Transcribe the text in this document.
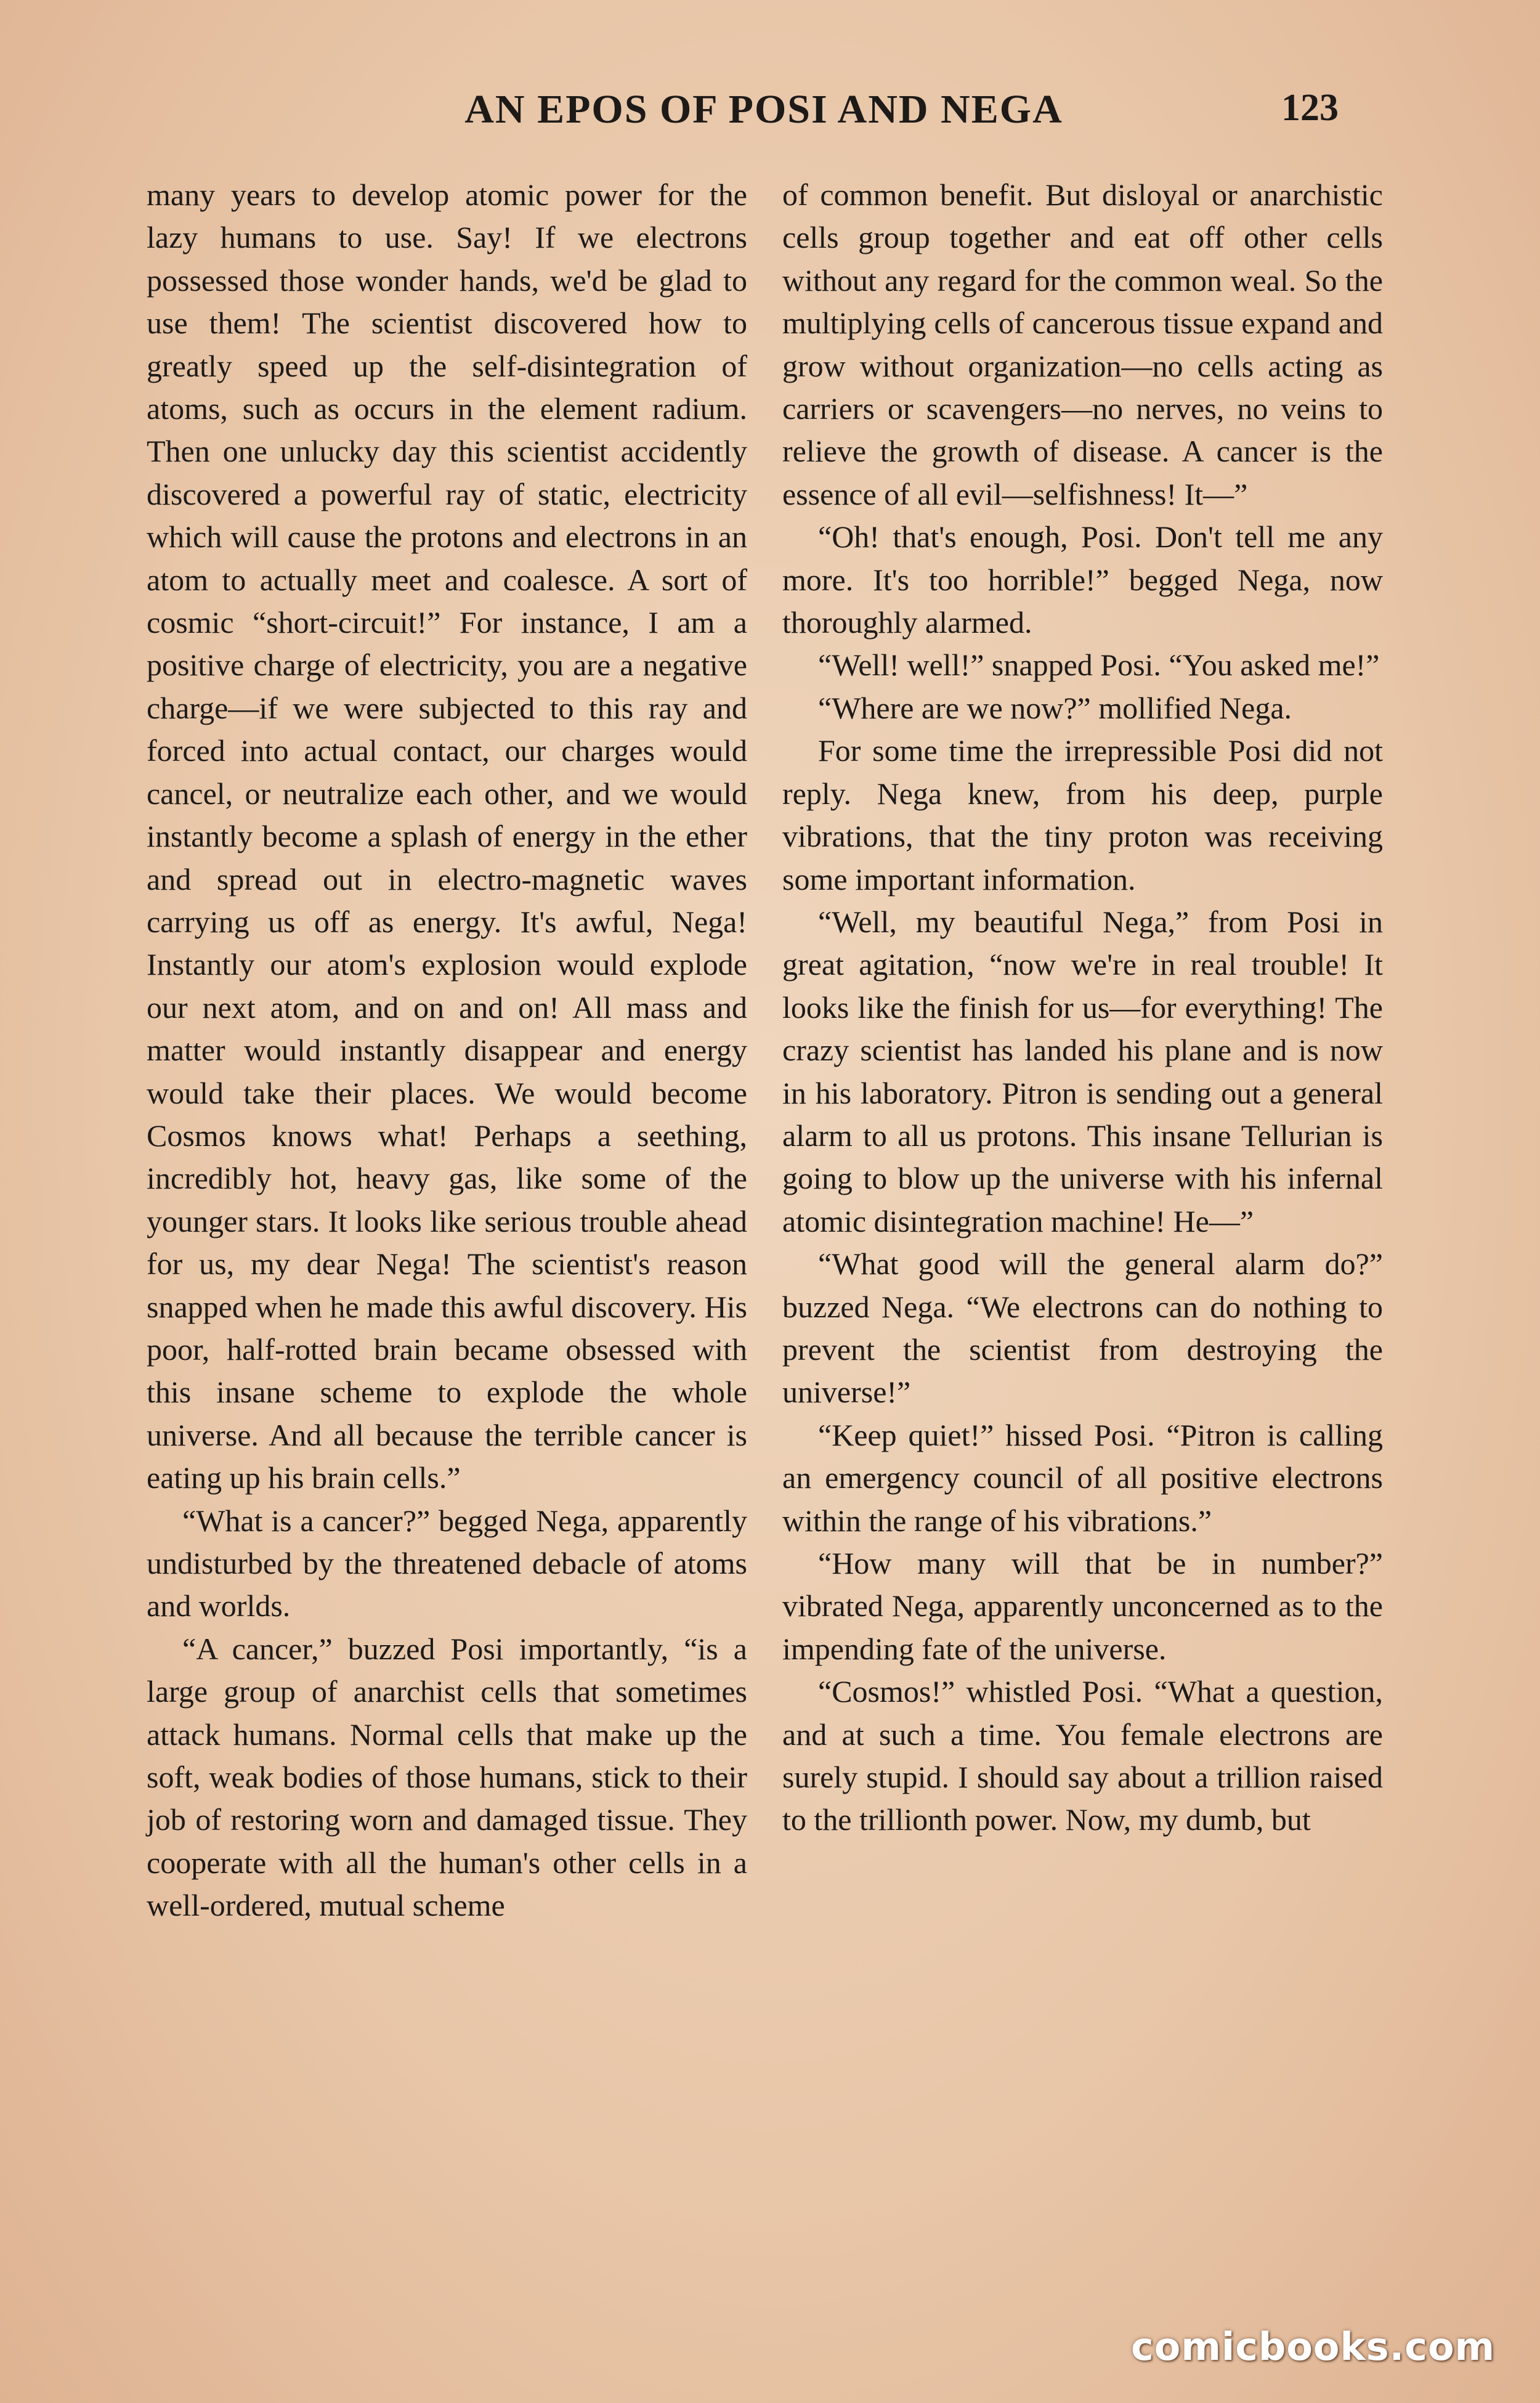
AN EPOS OF POSI AND NEGA	123

many years to develop atomic power for the lazy humans to use. Say! If we electrons possessed those wonder hands, we'd be glad to use them! The scientist discovered how to greatly speed up the self-disintegration of atoms, such as occurs in the element radium. Then one unlucky day this scientist accidently discovered a powerful ray of static, electricity which will cause the protons and electrons in an atom to actually meet and coalesce. A sort of cosmic “short-circuit!” For instance, I am a positive charge of electricity, you are a negative charge—if we were subjected to this ray and forced into actual contact, our charges would cancel, or neutralize each other, and we would instantly become a splash of energy in the ether and spread out in electro-magnetic waves carrying us off as energy. It's awful, Nega! Instantly our atom's explosion would explode our next atom, and on and on! All mass and matter would instantly disappear and energy would take their places. We would become Cosmos knows what! Perhaps a seething, incredibly hot, heavy gas, like some of the younger stars. It looks like serious trouble ahead for us, my dear Nega! The scientist's reason snapped when he made this awful discovery. His poor, half-rotted brain became obsessed with this insane scheme to explode the whole universe. And all because the terrible cancer is eating up his brain cells.”

“What is a cancer?” begged Nega, apparently undisturbed by the threatened debacle of atoms and worlds.

“A cancer,” buzzed Posi importantly, “is a large group of anarchist cells that sometimes attack humans. Normal cells that make up the soft, weak bodies of those humans, stick to their job of restoring worn and damaged tissue. They cooperate with all the human's other cells in a well-ordered, mutual scheme

of common benefit. But disloyal or anarchistic cells group together and eat off other cells without any regard for the common weal. So the multiplying cells of cancerous tissue expand and grow without organization—no cells acting as carriers or scavengers—no nerves, no veins to relieve the growth of disease. A cancer is the essence of all evil—selfishness! It—”

“Oh! that's enough, Posi. Don't tell me any more. It's too horrible!” begged Nega, now thoroughly alarmed.

“Well! well!” snapped Posi. “You asked me!”

“Where are we now?” mollified Nega.

For some time the irrepressible Posi did not reply. Nega knew, from his deep, purple vibrations, that the tiny proton was receiving some important information.

“Well, my beautiful Nega,” from Posi in great agitation, “now we're in real trouble! It looks like the finish for us—for everything! The crazy scientist has landed his plane and is now in his laboratory. Pitron is sending out a general alarm to all us protons. This insane Tellurian is going to blow up the universe with his infernal atomic disintegration machine! He—”

“What good will the general alarm do?” buzzed Nega. “We electrons can do nothing to prevent the scientist from destroying the universe!”

“Keep quiet!” hissed Posi. “Pitron is calling an emergency council of all positive electrons within the range of his vibrations.”

“How many will that be in number?” vibrated Nega, apparently unconcerned as to the impending fate of the universe.

“Cosmos!” whistled Posi. “What a question, and at such a time. You female electrons are surely stupid. I should say about a trillion raised to the trillionth power. Now, my dumb, but

comicbooks.com
